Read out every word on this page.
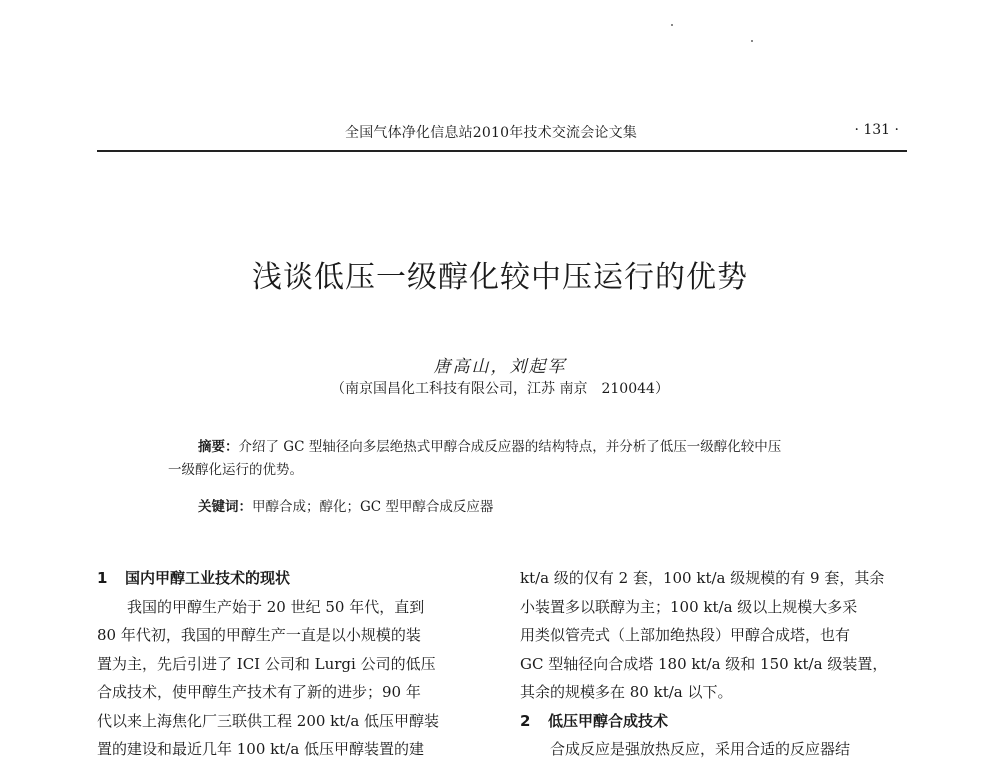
全国气体净化信息站2010年技术交流会论文集	· 131 ·
浅谈低压一级醇化较中压运行的优势
唐高山，刘起军
（南京国昌化工科技有限公司，江苏 南京　210044）

摘要：介绍了 GC 型轴径向多层绝热式甲醇合成反应器的结构特点，并分析了低压一级醇化较中压

一级醇化运行的优势。

关键词：甲醇合成；醇化；GC 型甲醇合成反应器
1 国内甲醇工业技术的现状
我国的甲醇生产始于 20 世纪 50 年代，直到
80 年代初，我国的甲醇生产一直是以小规模的装
置为主，先后引进了 ICI 公司和 Lurgi 公司的低压
合成技术，使甲醇生产技术有了新的进步；90 年
代以来上海焦化厂三联供工程 200 kt/a 低压甲醇装
置的建设和最近几年 100 kt/a 低压甲醇装置的建
kt/a 级的仅有 2 套，100 kt/a 级规模的有 9 套，其余
小装置多以联醇为主；100 kt/a 级以上规模大多采
用类似管壳式（上部加绝热段）甲醇合成塔，也有
GC 型轴径向合成塔 180 kt/a 级和 150 kt/a 级装置，
其余的规模多在 80 kt/a 以下。
2 低压甲醇合成技术
合成反应是强放热反应，采用合适的反应器结
